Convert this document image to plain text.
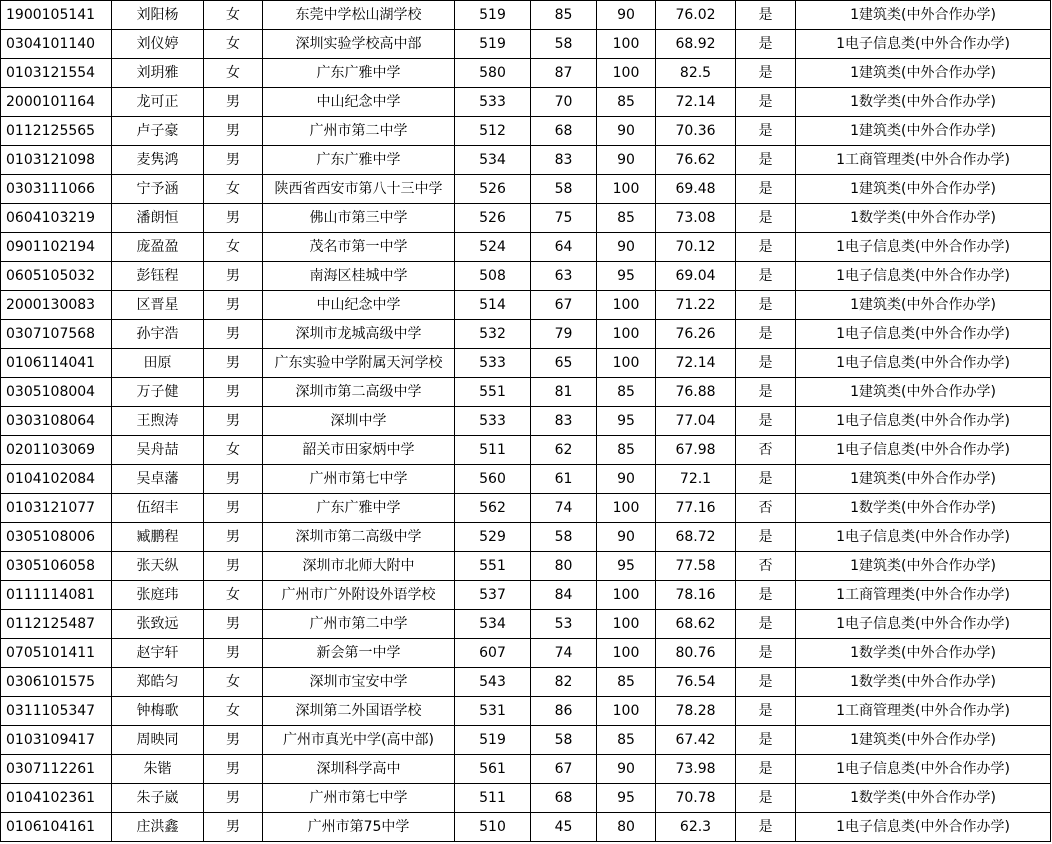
1900105141	刘阳杨	女	东莞中学松山湖学校	519	85	90	76.02	是	1建筑类(中外合作办学)
0304101140	刘仪婷	女	深圳实验学校高中部	519	58	100	68.92	是	1电子信息类(中外合作办学)
0103121554	刘玥雅	女	广东广雅中学	580	87	100	82.5	是	1建筑类(中外合作办学)
2000101164	龙可正	男	中山纪念中学	533	70	85	72.14	是	1数学类(中外合作办学)
0112125565	卢子豪	男	广州市第二中学	512	68	90	70.36	是	1建筑类(中外合作办学)
0103121098	麦隽鸿	男	广东广雅中学	534	83	90	76.62	是	1工商管理类(中外合作办学)
0303111066	宁予涵	女	陕西省西安市第八十三中学	526	58	100	69.48	是	1建筑类(中外合作办学)
0604103219	潘朗恒	男	佛山市第三中学	526	75	85	73.08	是	1数学类(中外合作办学)
0901102194	庞盈盈	女	茂名市第一中学	524	64	90	70.12	是	1电子信息类(中外合作办学)
0605105032	彭钰程	男	南海区桂城中学	508	63	95	69.04	是	1电子信息类(中外合作办学)
2000130083	区晋星	男	中山纪念中学	514	67	100	71.22	是	1建筑类(中外合作办学)
0307107568	孙宇浩	男	深圳市龙城高级中学	532	79	100	76.26	是	1电子信息类(中外合作办学)
0106114041	田原	男	广东实验中学附属天河学校	533	65	100	72.14	是	1电子信息类(中外合作办学)
0305108004	万子健	男	深圳市第二高级中学	551	81	85	76.88	是	1建筑类(中外合作办学)
0303108064	王煦涛	男	深圳中学	533	83	95	77.04	是	1电子信息类(中外合作办学)
0201103069	吴舟喆	女	韶关市田家炳中学	511	62	85	67.98	否	1电子信息类(中外合作办学)
0104102084	吴卓藩	男	广州市第七中学	560	61	90	72.1	是	1建筑类(中外合作办学)
0103121077	伍绍丰	男	广东广雅中学	562	74	100	77.16	否	1数学类(中外合作办学)
0305108006	臧鹏程	男	深圳市第二高级中学	529	58	90	68.72	是	1电子信息类(中外合作办学)
0305106058	张天纵	男	深圳市北师大附中	551	80	95	77.58	否	1建筑类(中外合作办学)
0111114081	张庭玮	女	广州市广外附设外语学校	537	84	100	78.16	是	1工商管理类(中外合作办学)
0112125487	张致远	男	广州市第二中学	534	53	100	68.62	是	1电子信息类(中外合作办学)
0705101411	赵宇轩	男	新会第一中学	607	74	100	80.76	是	1数学类(中外合作办学)
0306101575	郑皓匀	女	深圳市宝安中学	543	82	85	76.54	是	1数学类(中外合作办学)
0311105347	钟梅歌	女	深圳第二外国语学校	531	86	100	78.28	是	1工商管理类(中外合作办学)
0103109417	周映同	男	广州市真光中学(高中部)	519	58	85	67.42	是	1建筑类(中外合作办学)
0307112261	朱锴	男	深圳科学高中	561	67	90	73.98	是	1电子信息类(中外合作办学)
0104102361	朱子崴	男	广州市第七中学	511	68	95	70.78	是	1数学类(中外合作办学)
0106104161	庄洪鑫	男	广州市第75中学	510	45	80	62.3	是	1电子信息类(中外合作办学)
